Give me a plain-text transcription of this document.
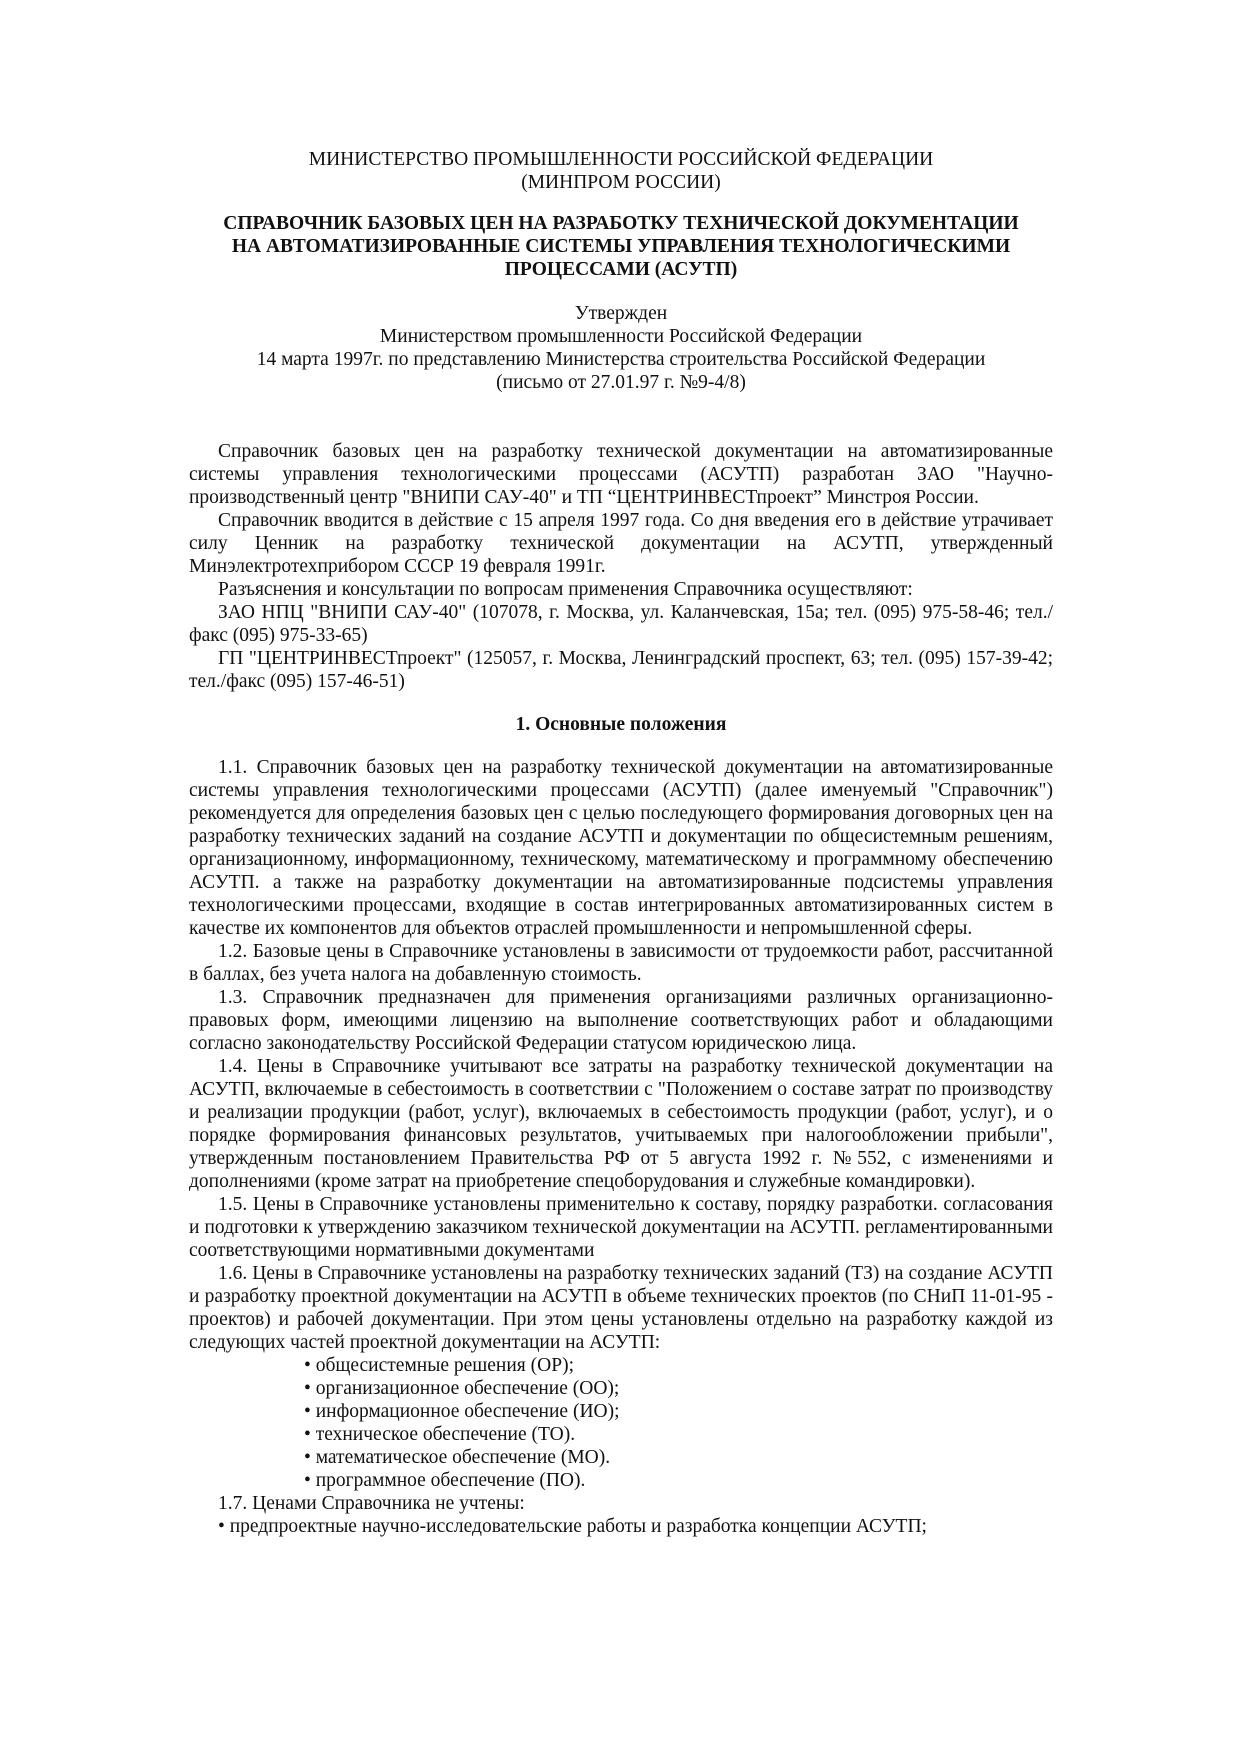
МИНИСТЕРСТВО ПРОМЫШЛЕННОСТИ РОССИЙСКОЙ ФЕДЕРАЦИИ

(МИНПРОМ РОССИИ)

СПРАВОЧНИК БАЗОВЫХ ЦЕН НА РАЗРАБОТКУ ТЕХНИЧЕСКОЙ ДОКУМЕНТАЦИИ

НА АВТОМАТИЗИРОВАННЫЕ СИСТЕМЫ УПРАВЛЕНИЯ ТЕХНОЛОГИЧЕСКИМИ

ПРОЦЕССАМИ (АСУТП)

Утвержден

Министерством промышленности Российской Федерации

14 марта 1997г. по представлению Министерства строительства Российской Федерации

(письмо от 27.01.97 г. №9-4/8)

Справочник базовых цен на разработку технической документации на автоматизированные системы управления технологическими процессами (АСУТП) разработан ЗАО "Научно-производственный центр "ВНИПИ САУ-40" и ТП “ЦЕНТРИНВЕСТпроект” Минстроя России.

Справочник вводится в действие с 15 апреля 1997 года. Со дня введения его в действие утрачивает силу Ценник на разработку технической документации на АСУТП, утвержденный Минэлектротехприбором СССР 19 февраля 1991г.

Разъяснения и консультации по вопросам применения Справочника осуществляют:

ЗАО НПЦ "ВНИПИ САУ-40" (107078, г. Москва, ул. Каланчевская, 15а; тел. (095) 975-58-46; тел./факс (095) 975-33-65)

ГП "ЦЕНТРИНВЕСТпроект" (125057, г. Москва, Ленинградский проспект, 63; тел. (095) 157-39-42; тел./факс (095) 157-46-51)

1. Основные положения

1.1. Справочник базовых цен на разработку технической документации на автоматизированные системы управления технологическими процессами (АСУТП) (далее именуемый "Справочник") рекомендуется для определения базовых цен с целью последующего формирования договорных цен на разработку технических заданий на создание АСУТП и документации по общесистемным решениям, организационному, информационному, техническому, математическому и программному обеспечению АСУТП. а также на разработку документации на автоматизированные подсистемы управления технологическими процессами, входящие в состав интегрированных автоматизированных систем в качестве их компонентов для объектов отраслей промышленности и непромышленной сферы.

1.2. Базовые цены в Справочнике установлены в зависимости от трудоемкости работ, рассчитанной в баллах, без учета налога на добавленную стоимость.

1.3. Справочник предназначен для применения организациями различных организационно-правовых форм, имеющими лицензию на выполнение соответствующих работ и обладающими согласно законодательству Российской Федерации статусом юридическою лица.

1.4. Цены в Справочнике учитывают все затраты на разработку технической документации на АСУТП, включаемые в себестоимость в соответствии с "Положением о составе затрат по производству и реализации продукции (работ, услуг), включаемых в себестоимость продукции (работ, услуг), и о порядке формирования финансовых результатов, учитываемых при налогообложении прибыли", утвержденным постановлением Правительства РФ от 5 августа 1992 г. №552, с изменениями и дополнениями (кроме затрат на приобретение спецоборудования и служебные командировки).

1.5. Цены в Справочнике установлены применительно к составу, порядку разработки. согласования и подготовки к утверждению заказчиком технической документации на АСУТП. регламентированными соответствующими нормативными документами

1.6. Цены в Справочнике установлены на разработку технических заданий (ТЗ) на создание АСУТП и разработку проектной документации на АСУТП в объеме технических проектов (по СНиП 11-01-95 - проектов) и рабочей документации. При этом цены установлены отдельно на разработку каждой из следующих частей проектной документации на АСУТП:

• общесистемные решения (ОР);

• организационное обеспечение (ОО);

• информационное обеспечение (ИО);

• техническое обеспечение (ТО).

• математическое обеспечение (МО).

• программное обеспечение (ПО).

1.7. Ценами Справочника не учтены:

• предпроектные научно-исследовательские работы и разработка концепции АСУТП;
